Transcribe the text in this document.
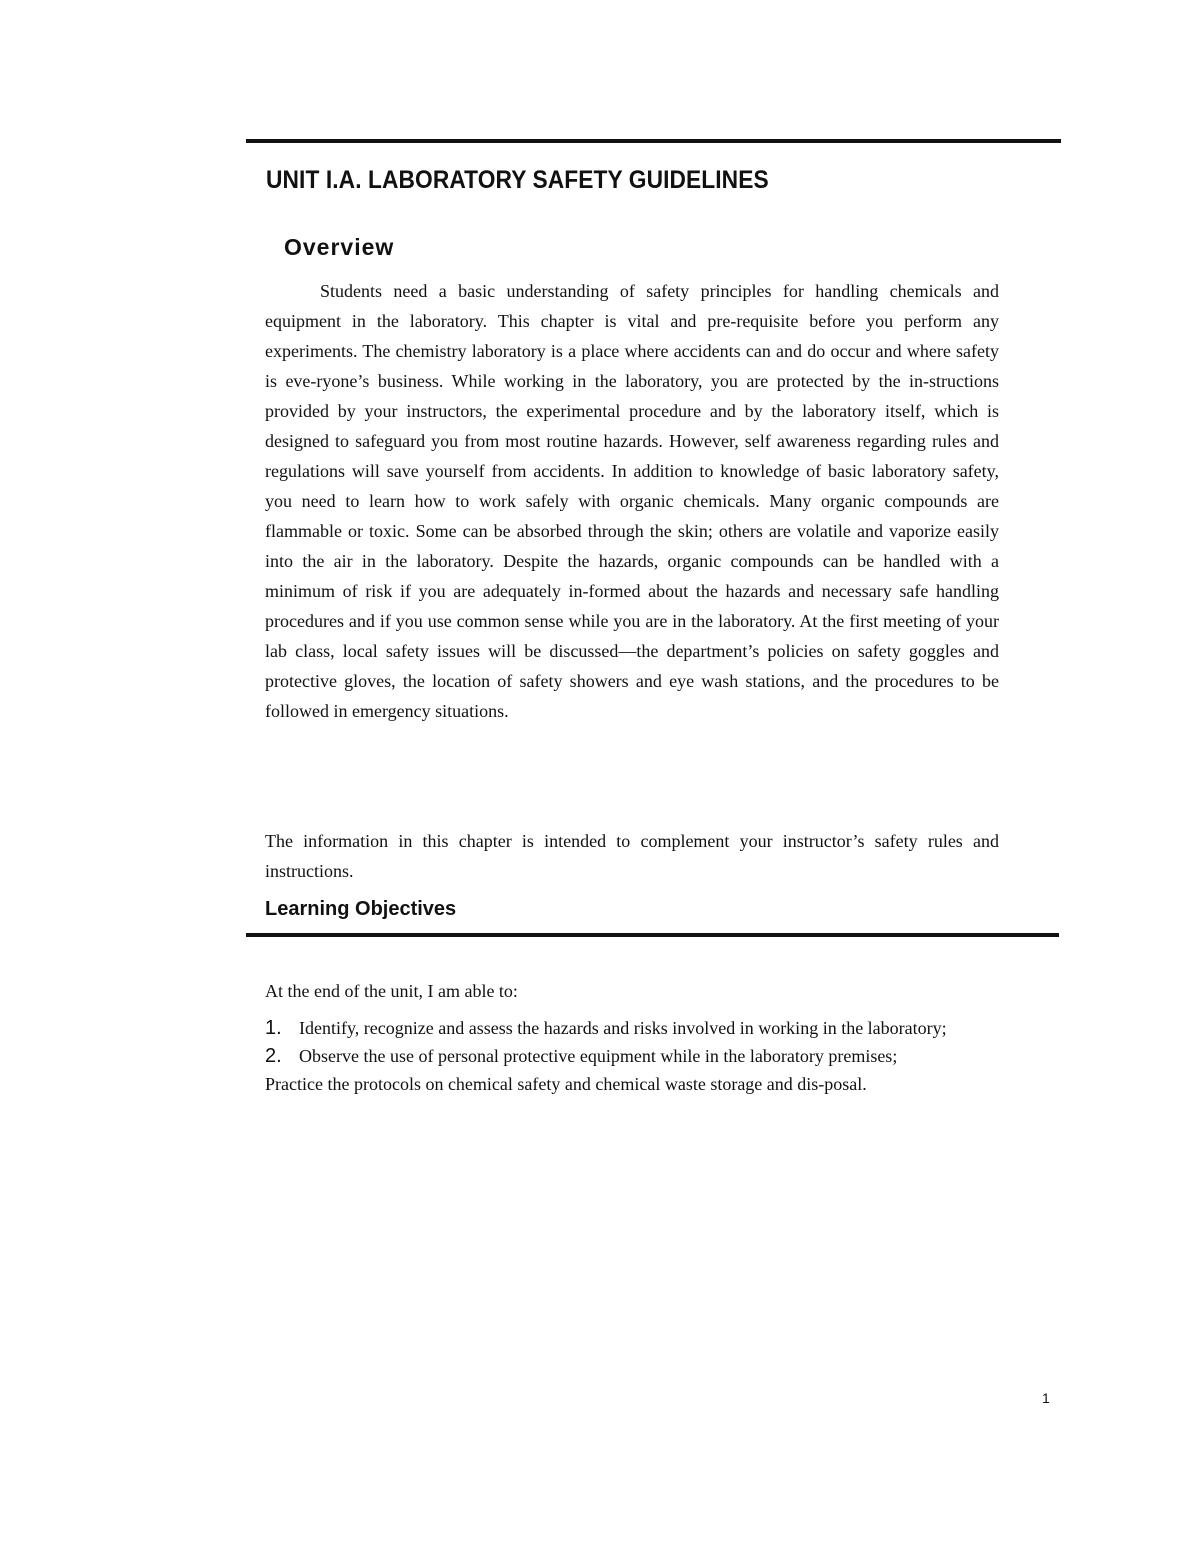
UNIT I.A. LABORATORY SAFETY GUIDELINES
Overview

Students need a basic understanding of safety principles for handling chemicals and equipment in the laboratory. This chapter is vital and pre-requisite before you perform any experiments. The chemistry laboratory is a place where accidents can and do occur and where safety is eve-ryone’s business. While working in the laboratory, you are protected by the in-structions provided by your instructors, the experimental procedure and by the laboratory itself, which is designed to safeguard you from most routine hazards. However, self awareness regarding rules and regulations will save yourself from accidents. In addition to knowledge of basic laboratory safety, you need to learn how to work safely with organic chemicals. Many organic compounds are flammable or toxic. Some can be absorbed through the skin; others are volatile and vaporize easily into the air in the laboratory. Despite the hazards, organic compounds can be handled with a minimum of risk if you are adequately in-formed about the hazards and necessary safe handling procedures and if you use common sense while you are in the laboratory. At the first meeting of your lab class, local safety issues will be discussed—the department’s policies on safety goggles and protective gloves, the location of safety showers and eye wash stations, and the procedures to be followed in emergency situations.

The information in this chapter is intended to complement your instructor’s safety rules and instructions.

Learning Objectives

At the end of the unit, I am able to:

1. Identify, recognize and assess the hazards and risks involved in working in the laboratory;
2. Observe the use of personal protective equipment while in the laboratory premises;
Practice the protocols on chemical safety and chemical waste storage and dis-posal.
1
